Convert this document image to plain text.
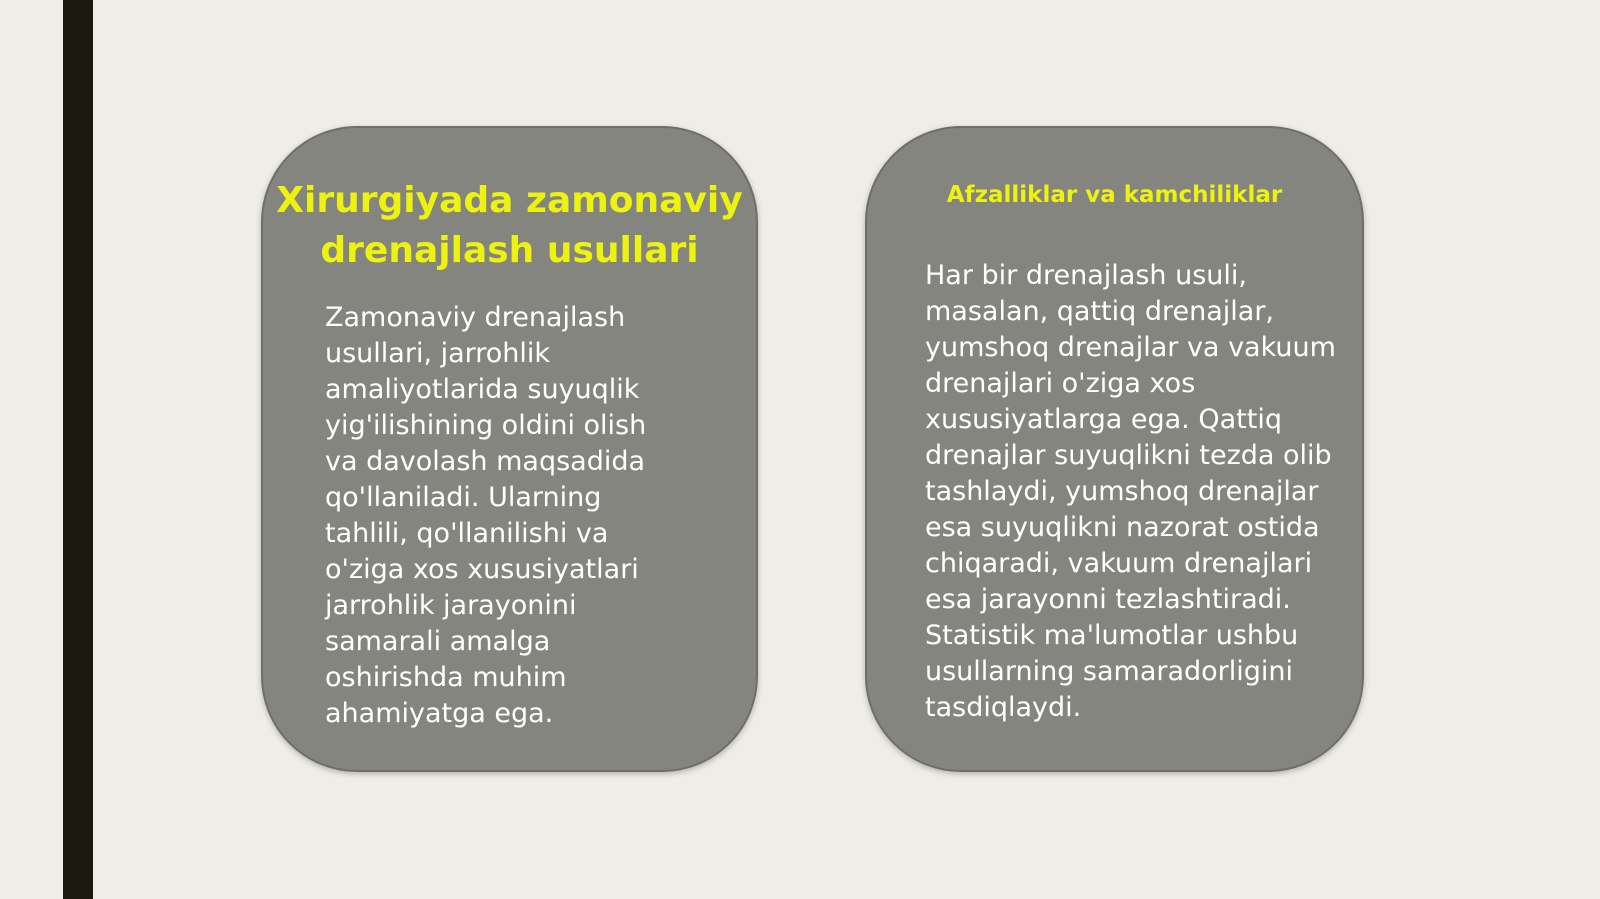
Xirurgiyada zamonaviy drenajlash usullari

Zamonaviy drenajlash usullari, jarrohlik amaliyotlarida suyuqlik yig'ilishining oldini olish va davolash maqsadida qo'llaniladi. Ularning tahlili, qo'llanilishi va o'ziga xos xususiyatlari jarrohlik jarayonini samarali amalga oshirishda muhim ahamiyatga ega.

Afzalliklar va kamchiliklar

Har bir drenajlash usuli, masalan, qattiq drenajlar, yumshoq drenajlar va vakuum drenajlari o'ziga xos xususiyatlarga ega. Qattiq drenajlar suyuqlikni tezda olib tashlaydi, yumshoq drenajlar esa suyuqlikni nazorat ostida chiqaradi, vakuum drenajlari esa jarayonni tezlashtiradi. Statistik ma'lumotlar ushbu usullarning samaradorligini tasdiqlaydi.
